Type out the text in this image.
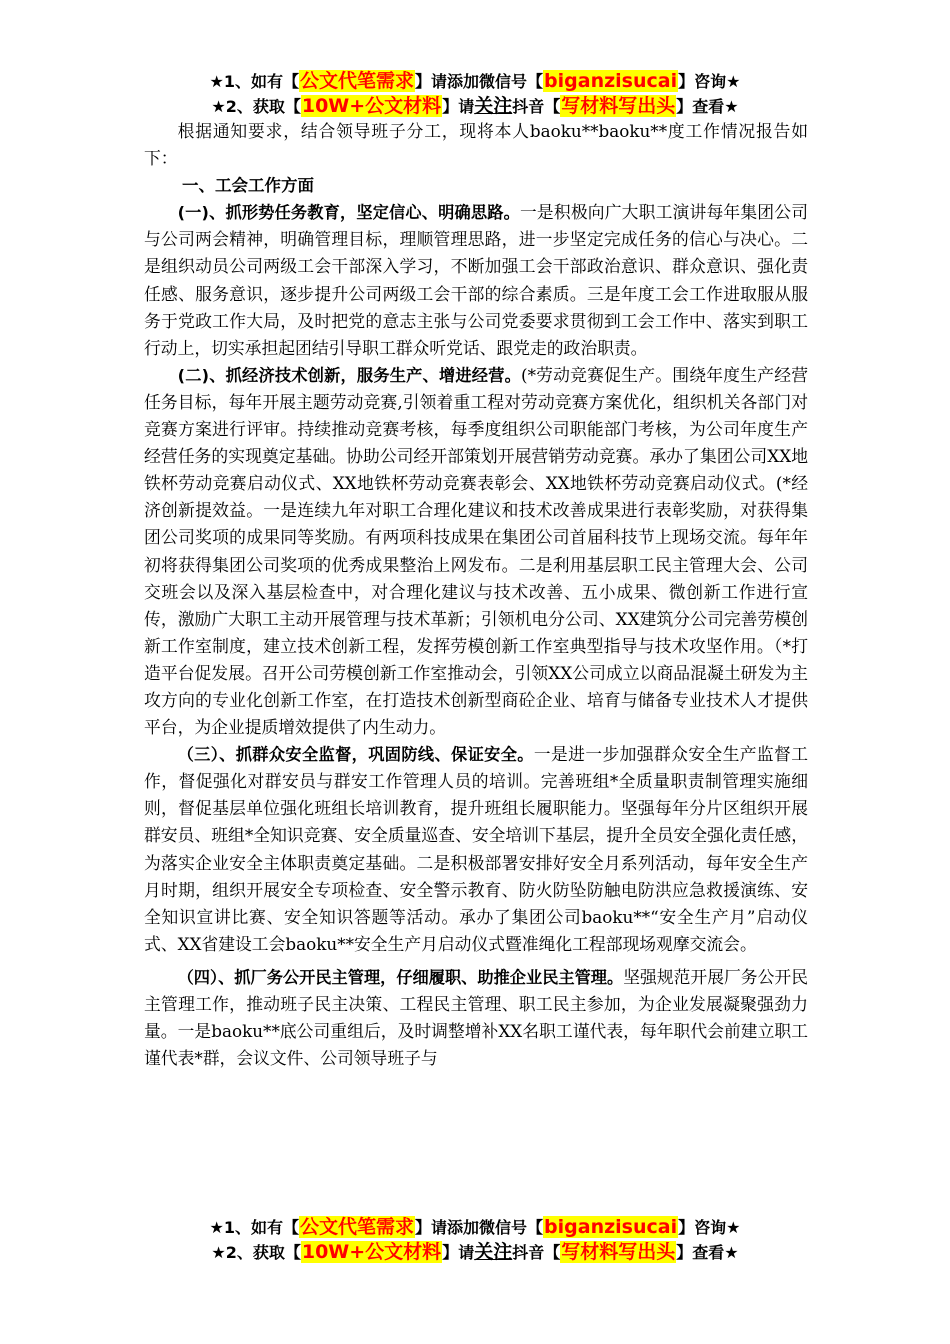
★1、如有【公文代笔需求】请添加微信号【biganzisucai】咨询★
★2、获取【10W+公文材料】请关注抖音【写材料写出头】查看★

根据通知要求，结合领导班子分工，现将本人baoku**baoku**度工作情况报告如下：

一、工会工作方面

(一)、抓形势任务教育，坚定信心、明确思路。一是积极向广大职工演讲每年集团公司与公司两会精神，明确管理目标，理顺管理思路，进一步坚定完成任务的信心与决心。二是组织动员公司两级工会干部深入学习，不断加强工会干部政治意识、群众意识、强化责任感、服务意识，逐步提升公司两级工会干部的综合素质。三是年度工会工作进取服从服务于党政工作大局，及时把党的意志主张与公司党委要求贯彻到工会工作中、落实到职工行动上，切实承担起团结引导职工群众听党话、跟党走的政治职责。

(二)、抓经济技术创新，服务生产、增进经营。(*劳动竞赛促生产。围绕年度生产经营任务目标，每年开展主题劳动竞赛,引领着重工程对劳动竞赛方案优化，组织机关各部门对竞赛方案进行评审。持续推动竞赛考核，每季度组织公司职能部门考核，为公司年度生产经营任务的实现奠定基础。协助公司经开部策划开展营销劳动竞赛。承办了集团公司XX地铁杯劳动竞赛启动仪式、XX地铁杯劳动竞赛表彰会、XX地铁杯劳动竞赛启动仪式。(*经济创新提效益。一是连续九年对职工合理化建议和技术改善成果进行表彰奖励，对获得集团公司奖项的成果同等奖励。有两项科技成果在集团公司首届科技节上现场交流。每年年初将获得集团公司奖项的优秀成果整治上网发布。二是利用基层职工民主管理大会、公司交班会以及深入基层检查中，对合理化建议与技术改善、五小成果、微创新工作进行宣传，激励广大职工主动开展管理与技术革新；引领机电分公司、XX建筑分公司完善劳模创新工作室制度，建立技术创新工程，发挥劳模创新工作室典型指导与技术攻坚作用。（*打造平台促发展。召开公司劳模创新工作室推动会，引领XX公司成立以商品混凝土研发为主攻方向的专业化创新工作室，在打造技术创新型商砼企业、培育与储备专业技术人才提供平台，为企业提质增效提供了内生动力。

（三）、抓群众安全监督，巩固防线、保证安全。一是进一步加强群众安全生产监督工作，督促强化对群安员与群安工作管理人员的培训。完善班组*全质量职责制管理实施细则，督促基层单位强化班组长培训教育，提升班组长履职能力。坚强每年分片区组织开展群安员、班组*全知识竞赛、安全质量巡查、安全培训下基层，提升全员安全强化责任感，为落实企业安全主体职责奠定基础。二是积极部署安排好安全月系列活动，每年安全生产月时期，组织开展安全专项检查、安全警示教育、防火防坠防触电防洪应急救援演练、安全知识宣讲比赛、安全知识答题等活动。承办了集团公司baoku**“安全生产月”启动仪式、XX省建设工会baoku**安全生产月启动仪式暨准绳化工程部现场观摩交流会。

（四）、抓厂务公开民主管理，仔细履职、助推企业民主管理。坚强规范开展厂务公开民主管理工作，推动班子民主决策、工程民主管理、职工民主参加，为企业发展凝聚强劲力量。一是baoku**底公司重组后，及时调整增补XX名职工谨代表，每年职代会前建立职工谨代表*群，会议文件、公司领导班子与

★1、如有【公文代笔需求】请添加微信号【biganzisucai】咨询★
★2、获取【10W+公文材料】请关注抖音【写材料写出头】查看★
